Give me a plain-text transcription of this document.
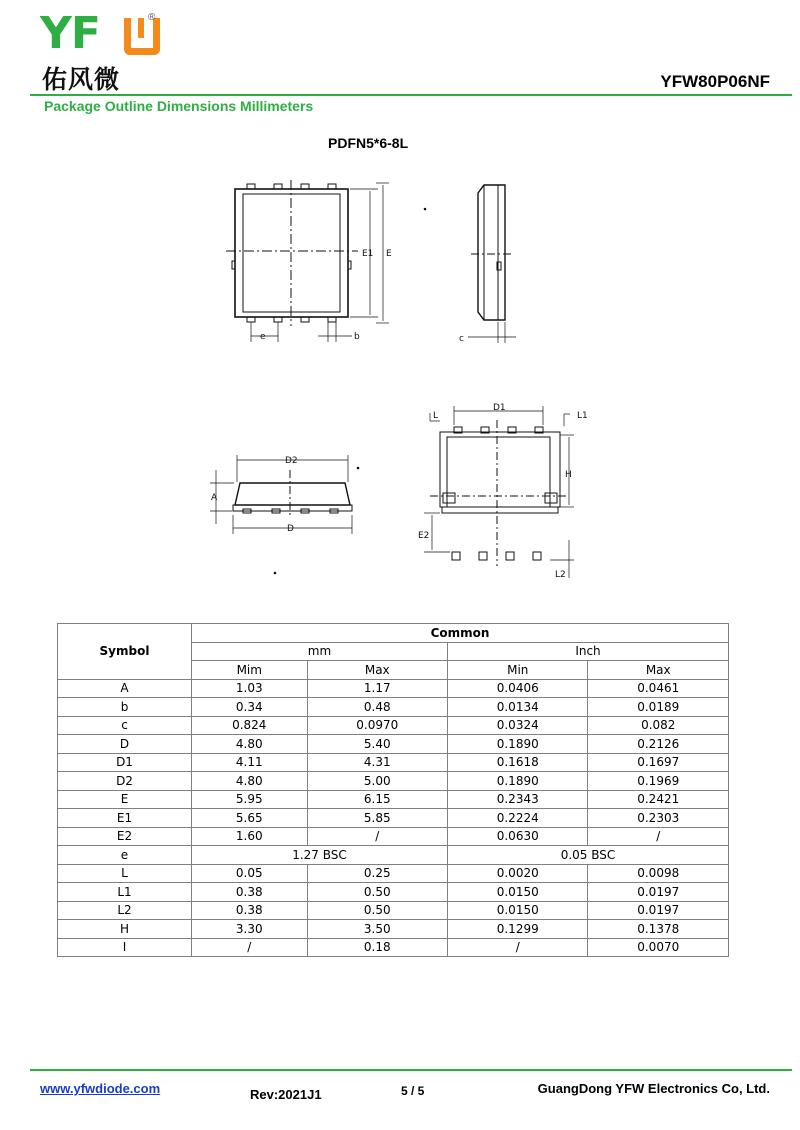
YF	®
佑风微	YFW80P06NF
Package Outline Dimensions Millimeters
PDFN5*6-8L
E1 E
e	b	c
D2
D
A
D1
L	L1
H
E2
L2
Symbol	Common			
	mm		Inch	
	Mim	Max	Min	Max
A	1.03	1.17	0.0406	0.0461
b	0.34	0.48	0.0134	0.0189
c	0.824	0.0970	0.0324	0.082
D	4.80	5.40	0.1890	0.2126
D1	4.11	4.31	0.1618	0.1697
D2	4.80	5.00	0.1890	0.1969
E	5.95	6.15	0.2343	0.2421
E1	5.65	5.85	0.2224	0.2303
E2	1.60	/	0.0630	/
e	1.27 BSC		0.05 BSC	
L	0.05	0.25	0.0020	0.0098
L1	0.38	0.50	0.0150	0.0197
L2	0.38	0.50	0.0150	0.0197
H	3.30	3.50	0.1299	0.1378
I	/	0.18	/	0.0070
www.yfwdiode.com	Rev:2021J1	5 / 5	GuangDong YFW Electronics Co, Ltd.
